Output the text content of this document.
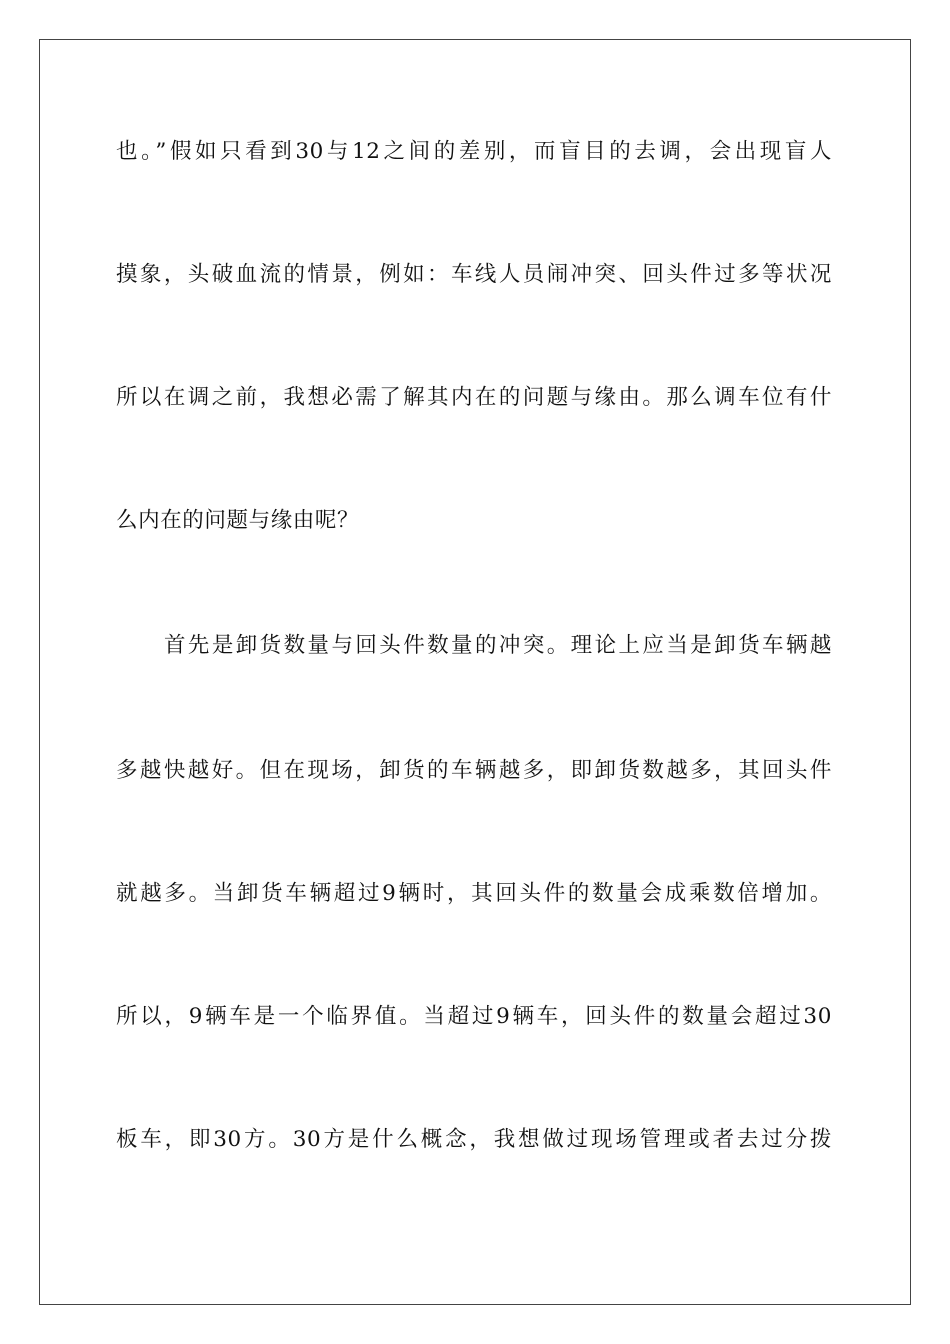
也。”假如只看到30与12之间的差别，而盲目的去调，会出现盲人
摸象，头破血流的情景，例如：车线人员闹冲突、回头件过多等状况
所以在调之前，我想必需了解其内在的问题与缘由。那么调车位有什
么内在的问题与缘由呢？
首先是卸货数量与回头件数量的冲突。理论上应当是卸货车辆越
多越快越好。但在现场，卸货的车辆越多，即卸货数越多，其回头件
就越多。当卸货车辆超过9辆时，其回头件的数量会成乘数倍增加。
所以，9辆车是一个临界值。当超过9辆车，回头件的数量会超过30
板车，即30方。30方是什么概念，我想做过现场管理或者去过分拨
